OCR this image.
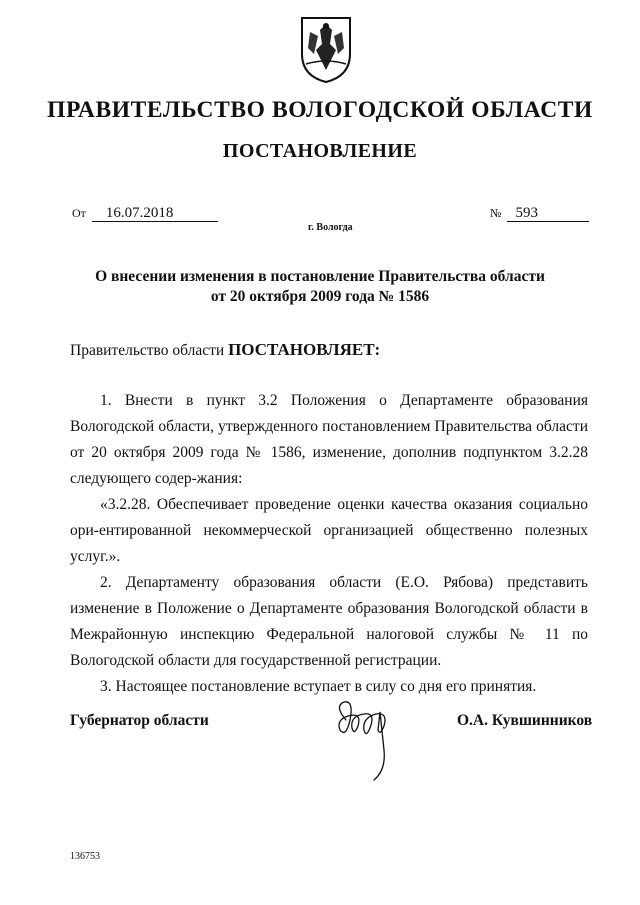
ПРАВИТЕЛЬСТВО ВОЛОГОДСКОЙ ОБЛАСТИ
ПОСТАНОВЛЕНИЕ
От 16.07.2018	№ 593
г. Вологда
О внесении изменения в постановление Правительства области
от 20 октября 2009 года № 1586
Правительство области ПОСТАНОВЛЯЕТ:

1. Внести в пункт 3.2 Положения о Департаменте образования Вологодской области, утвержденного постановлением Правительства области от 20 октября 2009 года № 1586, изменение, дополнив подпунктом 3.2.28 следующего содер-жания:

«3.2.28. Обеспечивает проведение оценки качества оказания социально ори-ентированной некоммерческой организацией общественно полезных услуг.».

2. Департаменту образования области (Е.О. Рябова) представить изменение в Положение о Департаменте образования Вологодской области в Межрайонную инспекцию Федеральной налоговой службы № 11 по Вологодской области для государственной регистрации.

3. Настоящее постановление вступает в силу со дня его принятия.

Губернатор области	О.А. Кувшинников
136753
